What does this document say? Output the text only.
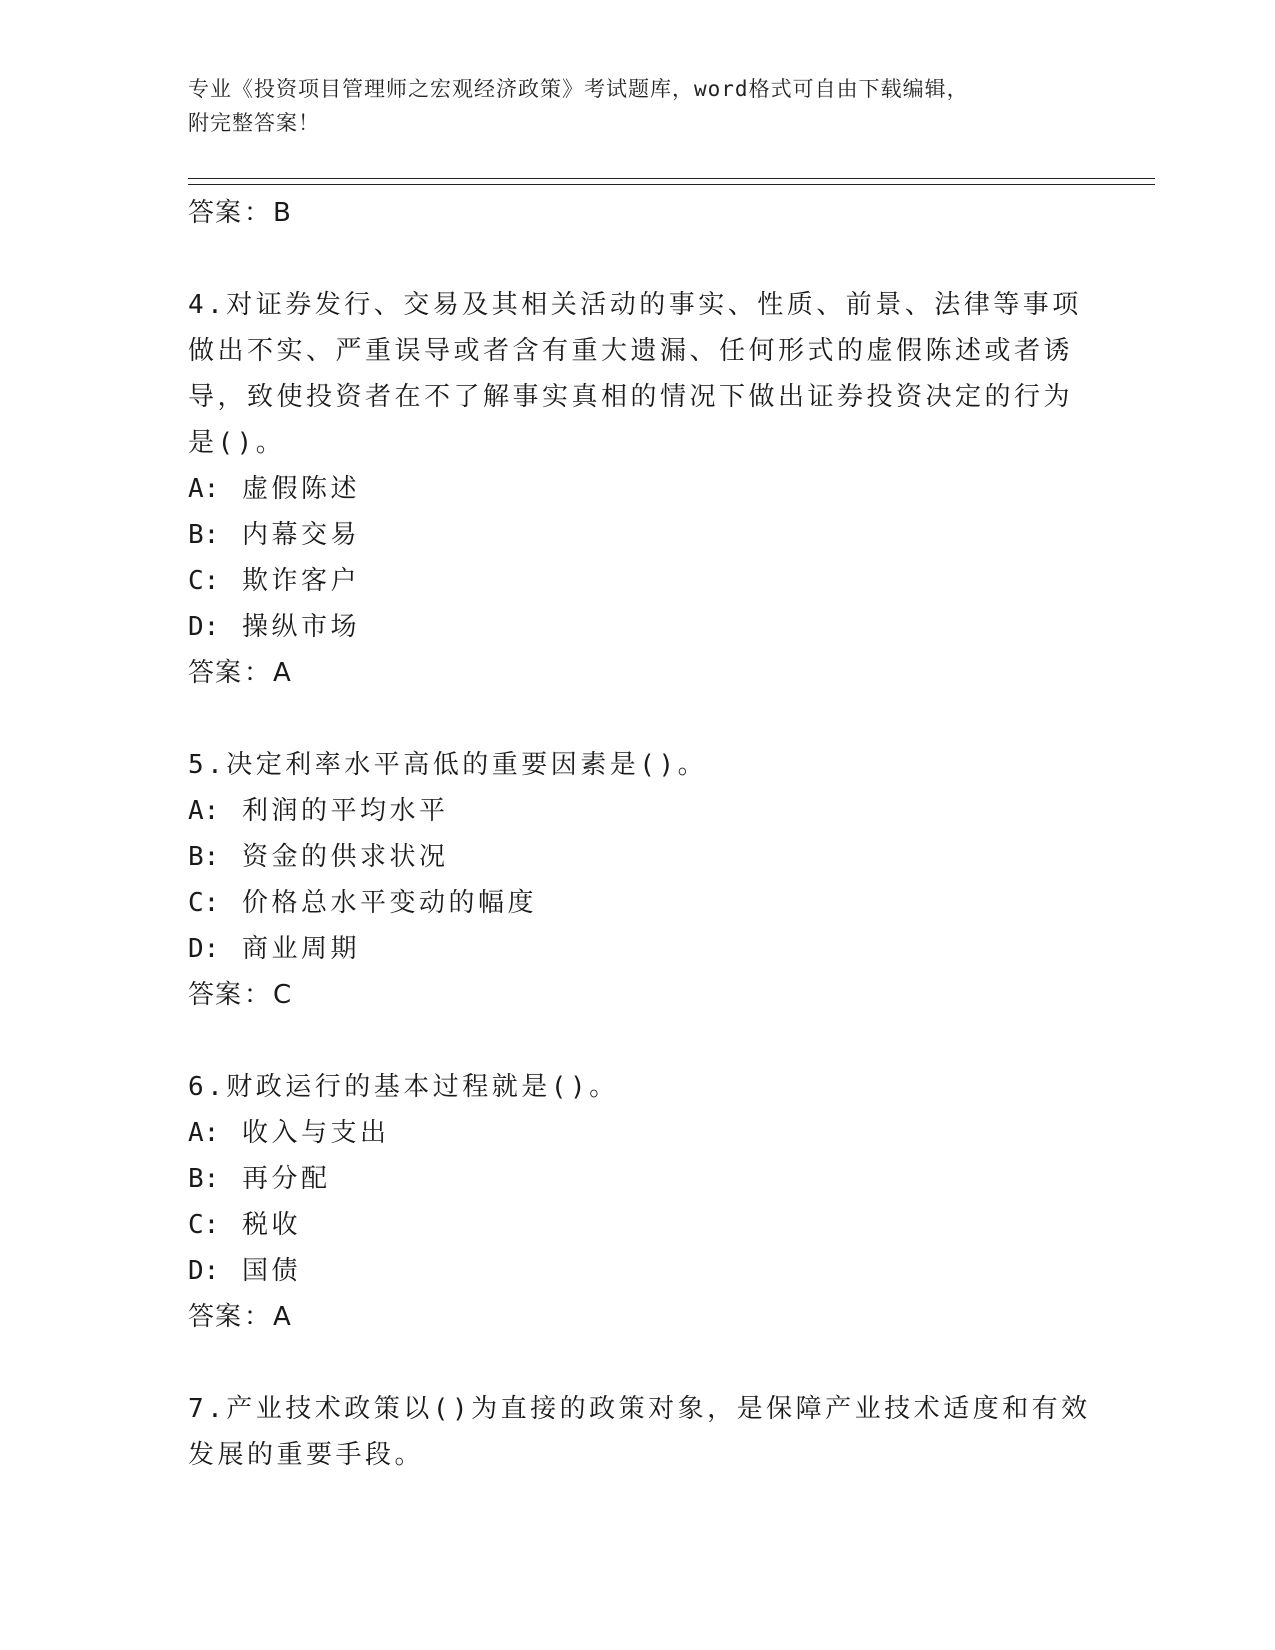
专业《投资项目管理师之宏观经济政策》考试题库，word格式可自由下载编辑，
附完整答案！
答案：B
4.对证券发行、交易及其相关活动的事实、性质、前景、法律等事项
做出不实、严重误导或者含有重大遗漏、任何形式的虚假陈述或者诱
导，致使投资者在不了解事实真相的情况下做出证券投资决定的行为
是()。
A: 虚假陈述
B: 内幕交易
C: 欺诈客户
D: 操纵市场
答案：A
5.决定利率水平高低的重要因素是()。
A: 利润的平均水平
B: 资金的供求状况
C: 价格总水平变动的幅度
D: 商业周期
答案：C
6.财政运行的基本过程就是()。
A: 收入与支出
B: 再分配
C: 税收
D: 国债
答案：A
7.产业技术政策以()为直接的政策对象，是保障产业技术适度和有效
发展的重要手段。
